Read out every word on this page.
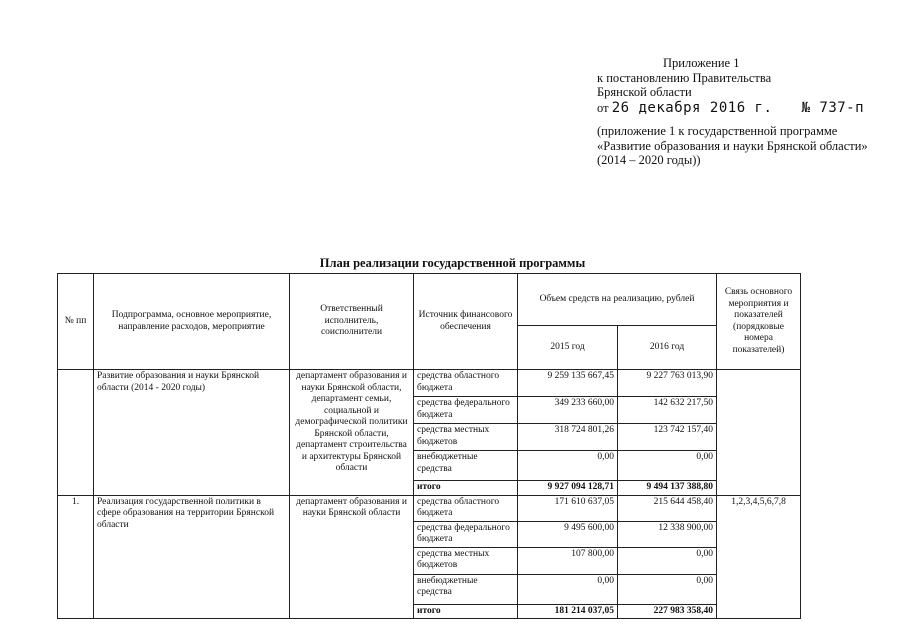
Приложение 1
к постановлению Правительства
Брянской области
от 26 декабря 2016 г. № 737-п
(приложение 1 к государственной программе
«Развитие образования и науки Брянской области»
(2014 – 2020 годы))
План реализации государственной программы
№ пп	Подпрограмма, основное мероприятие, направление расходов, мероприятие	Ответственный исполнитель, соисполнители	Источник финансового обеспечения	Объем средств на реализацию, рублей		Связь основного мероприятия и показателей (порядковые номера показателей)
				2015 год	2016 год	
	Развитие образования и науки Брянской области (2014 - 2020 годы)	департамент образования и науки Брянской области, департамент семьи, социальной и демографической политики Брянской области, департамент строительства и архитектуры Брянской области	средства областного бюджета	9 259 135 667,45	9 227 763 013,90	
			средства федерального бюджета	349 233 660,00	142 632 217,50	
			средства местных бюджетов	318 724 801,26	123 742 157,40	
			внебюджетные средства	0,00	0,00	
			итого	9 927 094 128,71	9 494 137 388,80	
1.	Реализация государственной политики в сфере образования на территории Брянской области	департамент образования и науки Брянской области	средства областного бюджета	171 610 637,05	215 644 458,40	1,2,3,4,5,6,7,8
			средства федерального бюджета	9 495 600,00	12 338 900,00	
			средства местных бюджетов	107 800,00	0,00	
			внебюджетные средства	0,00	0,00	
			итого	181 214 037,05	227 983 358,40	
